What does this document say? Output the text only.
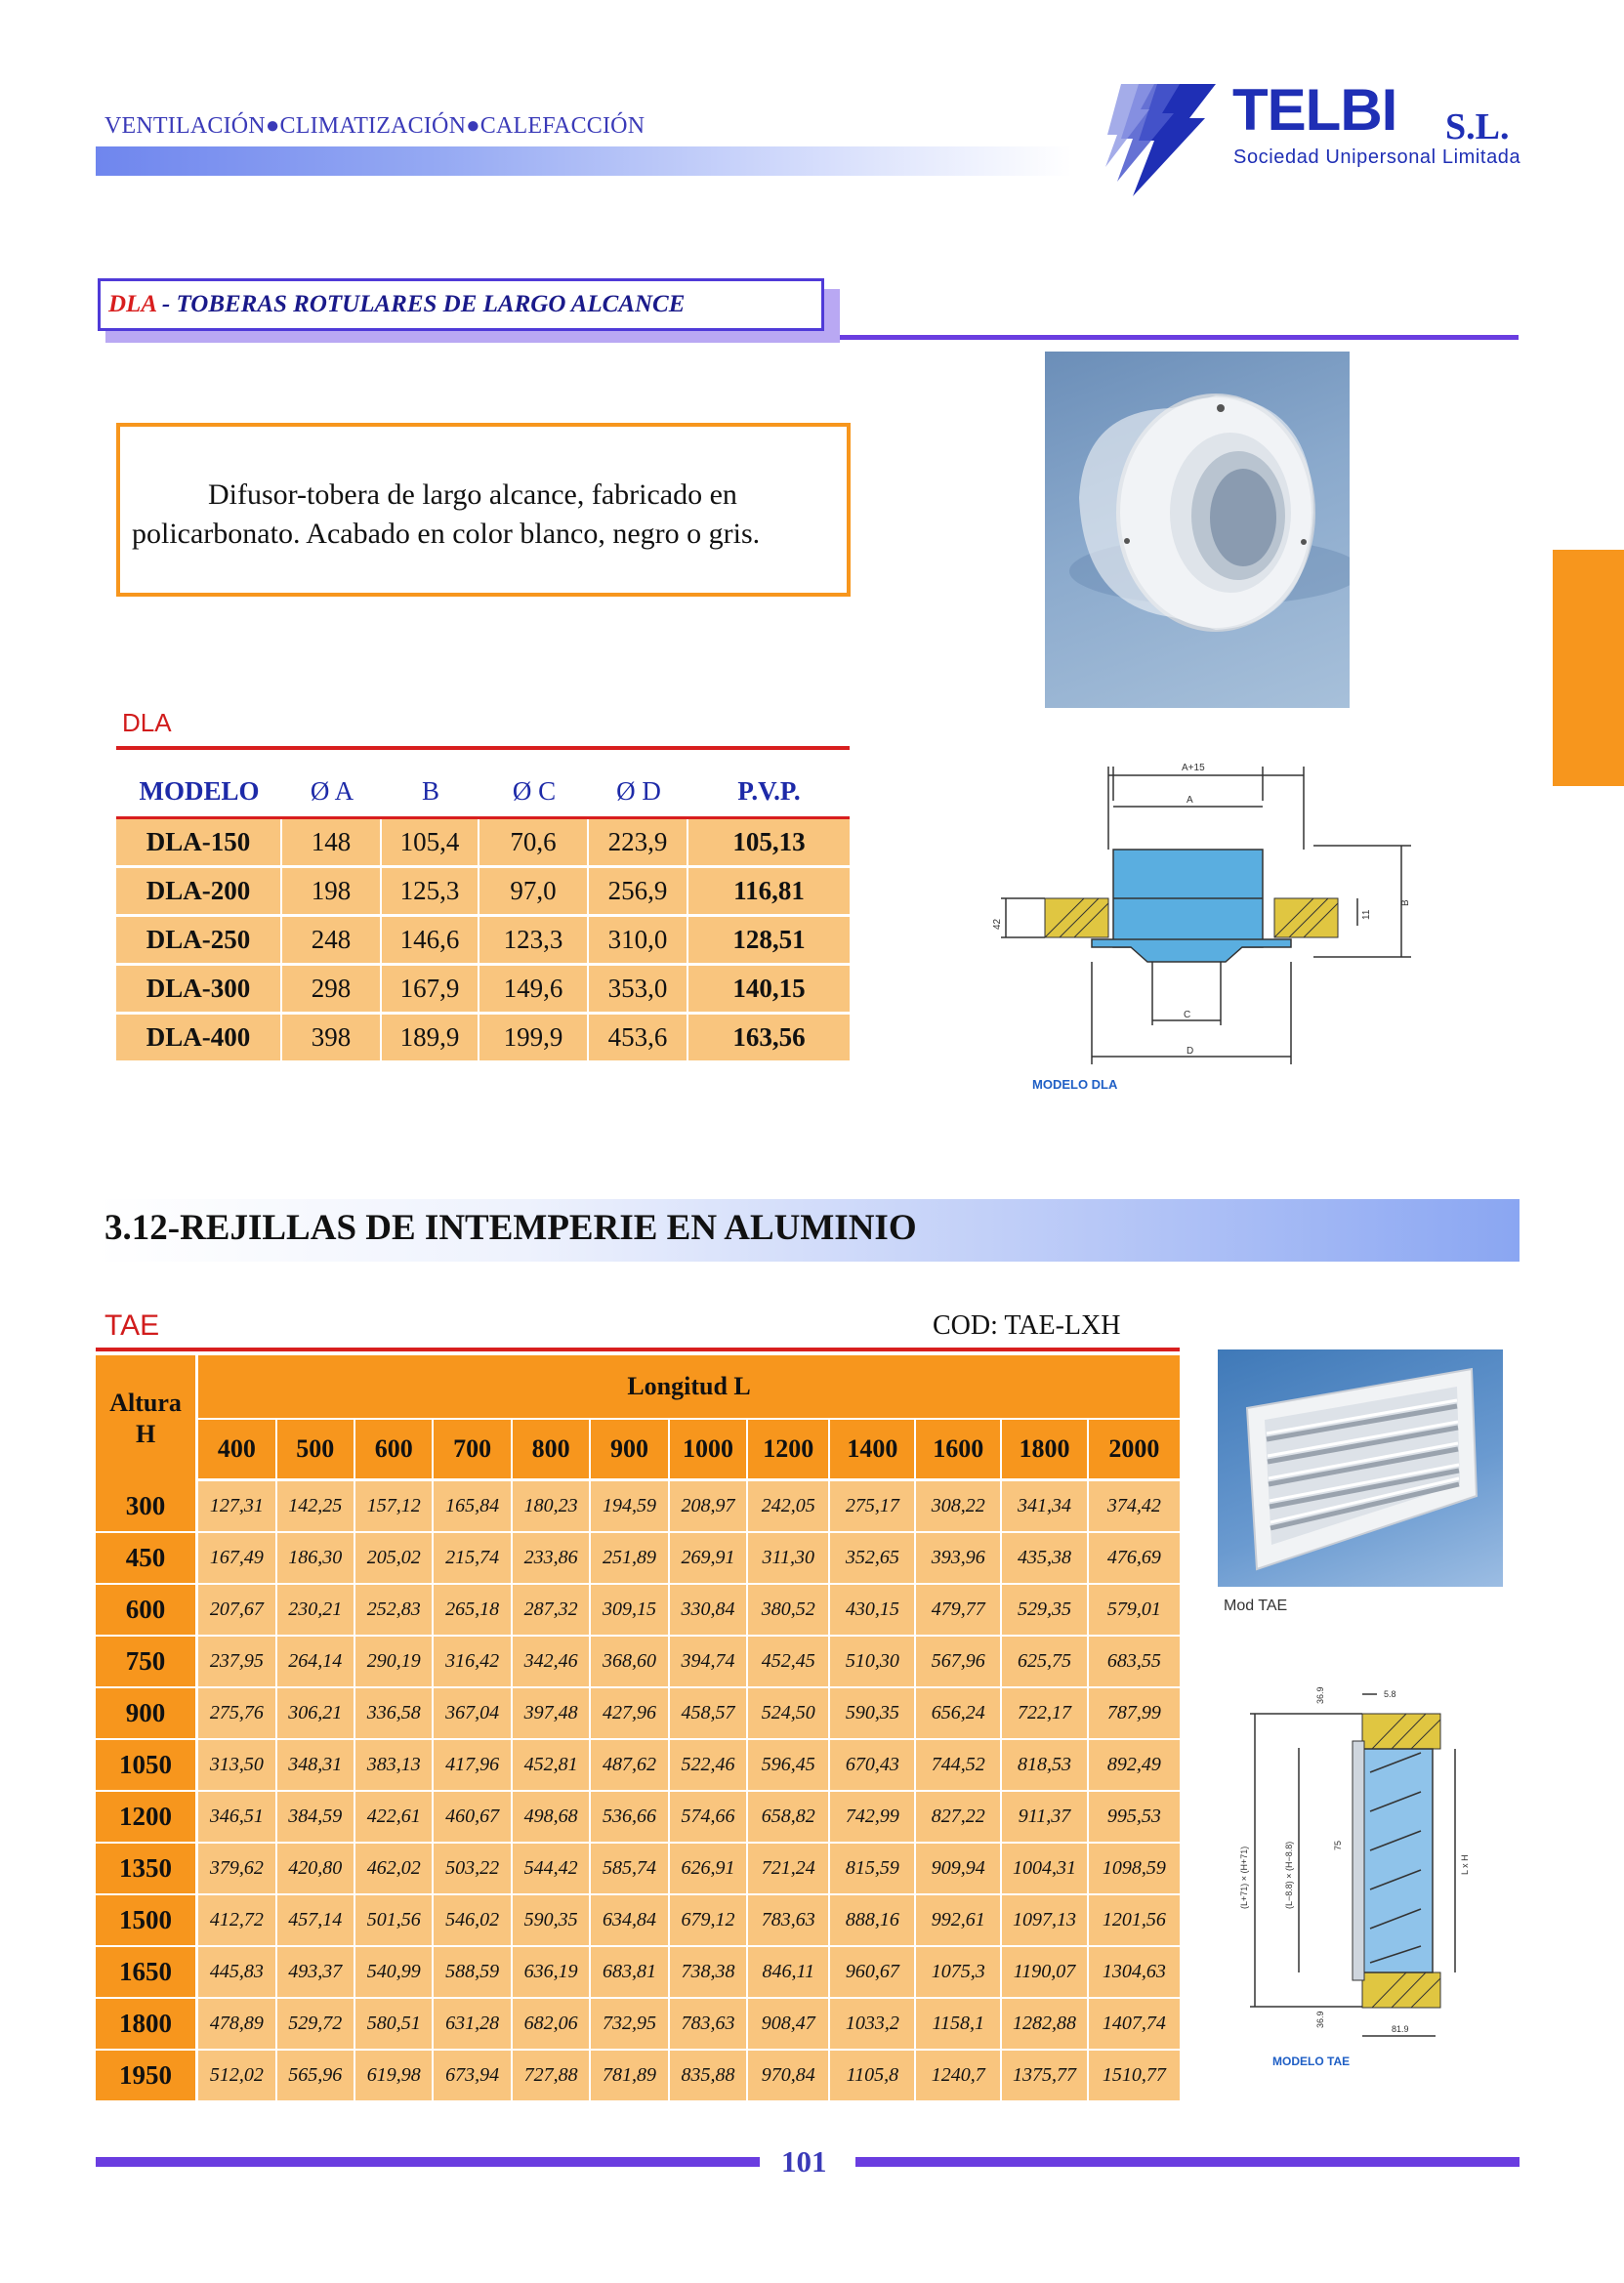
VENTILACIÓN●CLIMATIZACIÓN●CALEFACCIÓN	TELBI S.L.
Sociedad Unipersonal Limitada
DLA - TOBERAS ROTULARES DE LARGO ALCANCE
Difusor-tobera de largo alcance, fabricado en policarbonato. Acabado en color blanco, negro o gris.
DLA
MODELO	Ø A	B	Ø C	Ø D	P.V.P.
DLA-150	148	105,4	70,6	223,9	105,13
DLA-200	198	125,3	97,0	256,9	116,81
DLA-250	248	146,6	123,3	310,0	128,51
DLA-300	298	167,9	149,6	353,0	140,15
DLA-400	398	189,9	199,9	453,6	163,56
A+15
A
B
42
11
C
D
MODELO DLA
3.12-REJILLAS DE INTEMPERIE EN ALUMINIO
TAE	COD: TAE-LXH
Altura
H	Longitud L											
	400	500	600	700	800	900	1000	1200	1400	1600	1800	2000
300	127,31	142,25	157,12	165,84	180,23	194,59	208,97	242,05	275,17	308,22	341,34	374,42
450	167,49	186,30	205,02	215,74	233,86	251,89	269,91	311,30	352,65	393,96	435,38	476,69
600	207,67	230,21	252,83	265,18	287,32	309,15	330,84	380,52	430,15	479,77	529,35	579,01
750	237,95	264,14	290,19	316,42	342,46	368,60	394,74	452,45	510,30	567,96	625,75	683,55
900	275,76	306,21	336,58	367,04	397,48	427,96	458,57	524,50	590,35	656,24	722,17	787,99
1050	313,50	348,31	383,13	417,96	452,81	487,62	522,46	596,45	670,43	744,52	818,53	892,49
1200	346,51	384,59	422,61	460,67	498,68	536,66	574,66	658,82	742,99	827,22	911,37	995,53
1350	379,62	420,80	462,02	503,22	544,42	585,74	626,91	721,24	815,59	909,94	1004,31	1098,59
1500	412,72	457,14	501,56	546,02	590,35	634,84	679,12	783,63	888,16	992,61	1097,13	1201,56
1650	445,83	493,37	540,99	588,59	636,19	683,81	738,38	846,11	960,67	1075,3	1190,07	1304,63
1800	478,89	529,72	580,51	631,28	682,06	732,95	783,63	908,47	1033,2	1158,1	1282,88	1407,74
1950	512,02	565,96	619,98	673,94	727,88	781,89	835,88	970,84	1105,8	1240,7	1375,77	1510,77
Mod TAE
5.8
36.9
36.9
(L+71) × (H+71)	(L−8.8) × (H−8.8)	75
L x H
81.9
MODELO TAE
101
